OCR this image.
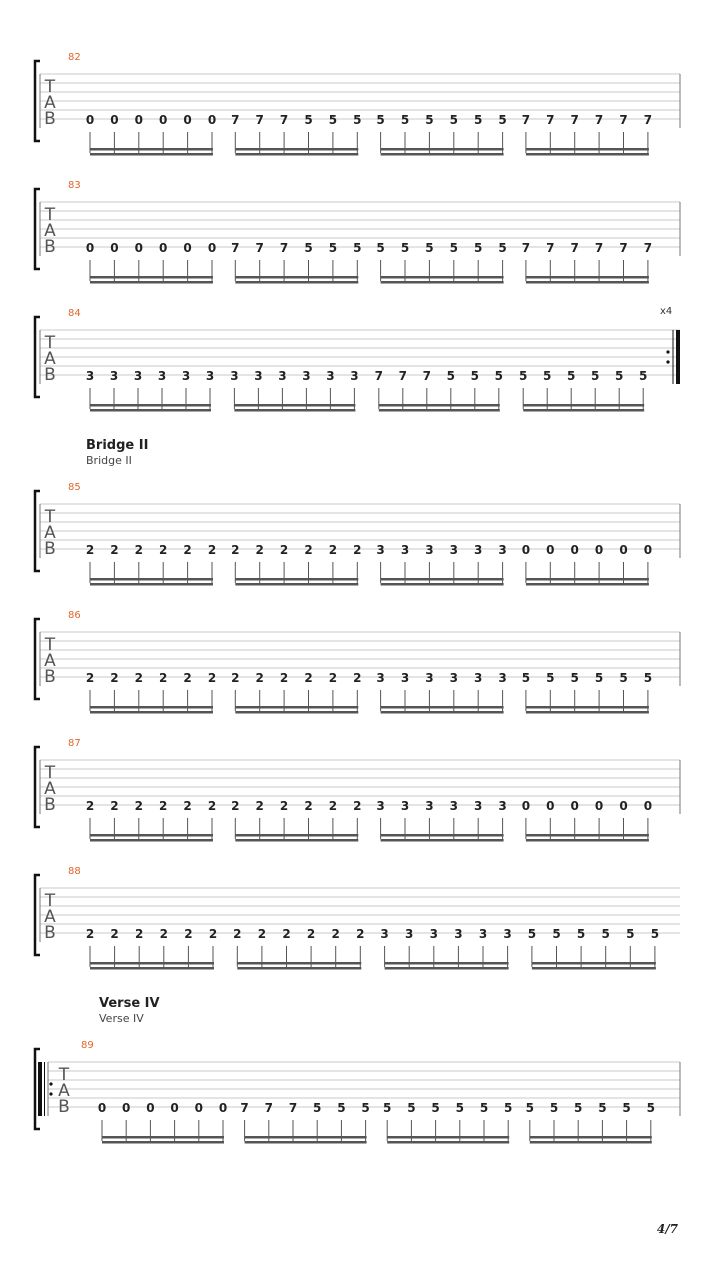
T
A
B 0 0 0 0 0 0 7 7 7 5 5 5 5 5 5 5 5 5 7 7 7 7 7 7
T
A
B 0 0 0 0 0 0 7 7 7 5 5 5 5 5 5 5 5 5 7 7 7 7 7 7
T
A
B 3 3 3 3 3 3 3 3 3 3 3 3 7 7 7 5 5 5 5 5 5 5 5 5
T
A
B 2 2 2 2 2 2 2 2 2 2 2 2 3 3 3 3 3 3 0 0 0 0 0 0
T
A
B 2 2 2 2 2 2 2 2 2 2 2 2 3 3 3 3 3 3 5 5 5 5 5 5
T
A
B 2 2 2 2 2 2 2 2 2 2 2 2 3 3 3 3 3 3 0 0 0 0 0 0
T
A
B 2 2 2 2 2 2 2 2 2 2 2 2 3 3 3 3 3 3 5 5 5 5 5 5
T
A
B 0 0 0 0 0 0 7 7 7 5 5 5 5 5 5 5 5 5 5 5 5 5 5 5
82
83
84	x4
85
Bridge II
Bridge II
86
87
88
89
Verse IV
Verse IV
4/7
